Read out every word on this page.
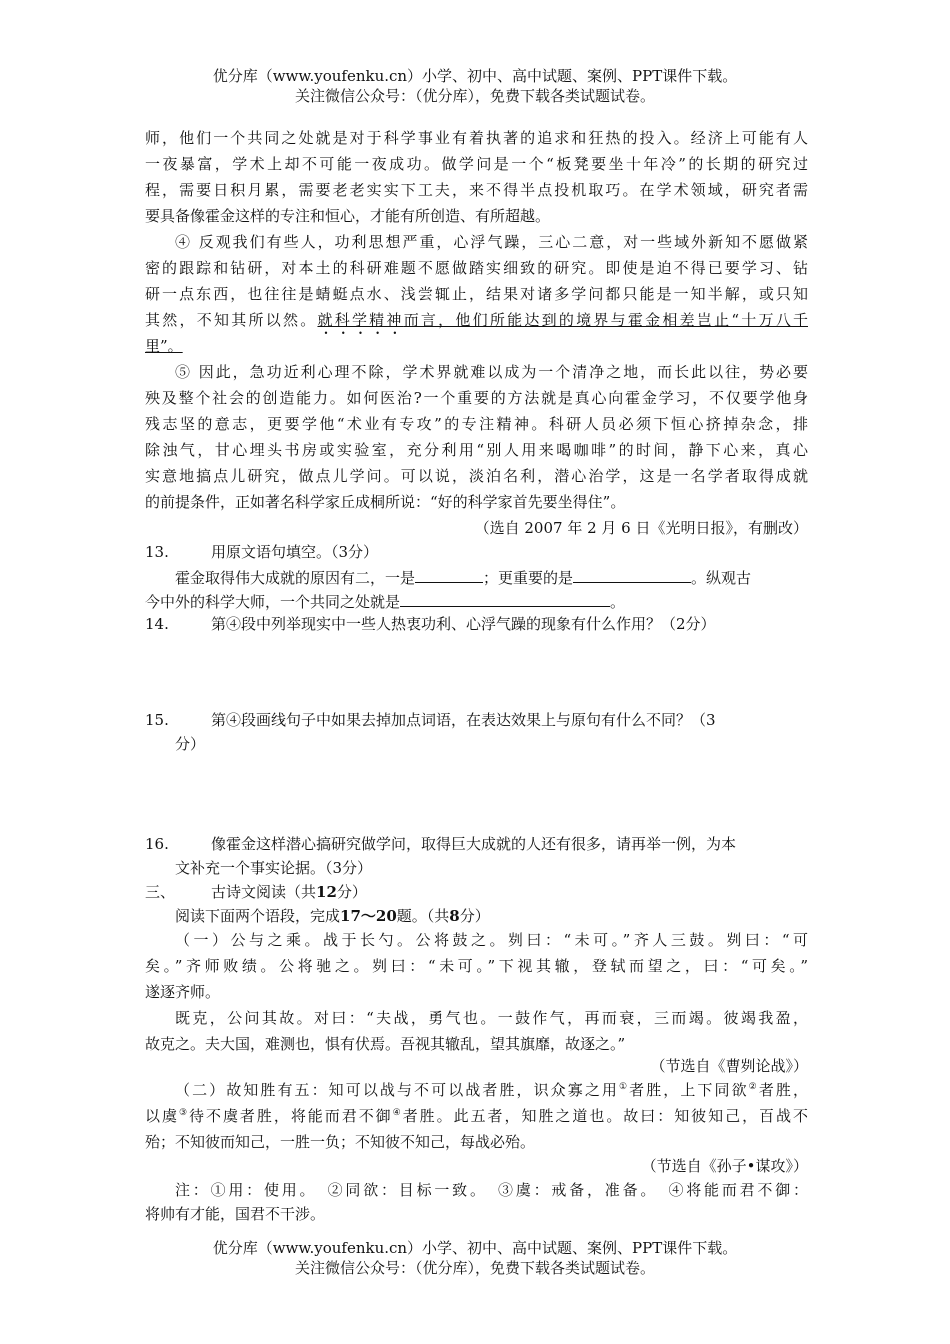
优分库（www.youfenku.cn）小学、初中、高中试题、案例、PPT课件下载。
关注微信公众号：（优分库），免费下载各类试题试卷。
师，他们一个共同之处就是对于科学事业有着执著的追求和狂热的投入。经济上可能有人
一夜暴富，学术上却不可能一夜成功。做学问是一个“板凳要坐十年冷”的长期的研究过
程，需要日积月累，需要老老实实下工夫，来不得半点投机取巧。在学术领域，研究者需
要具备像霍金这样的专注和恒心，才能有所创造、有所超越。
④ 反观我们有些人，功利思想严重，心浮气躁，三心二意，对一些域外新知不愿做紧
密的跟踪和钻研，对本土的科研难题不愿做踏实细致的研究。即使是迫不得已要学习、钻
研一点东西，也往往是蜻蜓点水、浅尝辄止，结果对诸多学问都只能是一知半解，或只知
其然，不知其所以然。就科学精神而言，他们所能达到的境界与霍金相差岂止“十万八千
里”。
⑤ 因此，急功近利心理不除，学术界就难以成为一个清净之地，而长此以往，势必要
殃及整个社会的创造能力。如何医治?一个重要的方法就是真心向霍金学习，不仅要学他身
残志坚的意志，更要学他“术业有专攻”的专注精神。科研人员必须下恒心挤掉杂念，排
除浊气，甘心埋头书房或实验室，充分利用“别人用来喝咖啡”的时间，静下心来，真心
实意地搞点儿研究，做点儿学问。可以说，淡泊名利，潜心治学，这是一名学者取得成就
的前提条件，正如著名科学家丘成桐所说：“好的科学家首先要坐得住”。
（选自 2007 年 2 月 6 日《光明日报》，有删改）
13.	用原文语句填空。（3分）
霍金取得伟大成就的原因有二，一是	；更重要的是	。纵观古
今中外的科学大师，一个共同之处就是	。
14.	第④段中列举现实中一些人热衷功利、心浮气躁的现象有什么作用？（2分）
15.	第④段画线句子中如果去掉加点词语，在表达效果上与原句有什么不同？（3
分）
16.	像霍金这样潜心搞研究做学问，取得巨大成就的人还有很多，请再举一例，为本
文补充一个事实论据。（3分）
三、 古诗文阅读（共12分）
阅读下面两个语段，完成17～20题。（共8分）
（一）公与之乘。战于长勺。公将鼓之。刿曰：“未可。”齐人三鼓。刿曰：“可
矣。”齐师败绩。公将驰之。刿曰：“未可。”下视其辙，登轼而望之，曰：“可矣。”
遂逐齐师。
既克，公问其故。对曰：“夫战，勇气也。一鼓作气，再而衰，三而竭。彼竭我盈，
故克之。夫大国，难测也，惧有伏焉。吾视其辙乱，望其旗靡，故逐之。”
（节选自《曹刿论战》）
（二）故知胜有五：知可以战与不可以战者胜，识众寡之用①者胜，上下同欲②者胜，
以虞③待不虞者胜，将能而君不御④者胜。此五者，知胜之道也。故曰：知彼知己，百战不
殆；不知彼而知己，一胜一负；不知彼不知己，每战必殆。
（节选自《孙子•谋攻》）
注：①用：使用。　②同欲：目标一致。　③虞：戒备，准备。　④将能而君不御：
将帅有才能，国君不干涉。
优分库（www.youfenku.cn）小学、初中、高中试题、案例、PPT课件下载。
关注微信公众号：（优分库），免费下载各类试题试卷。
